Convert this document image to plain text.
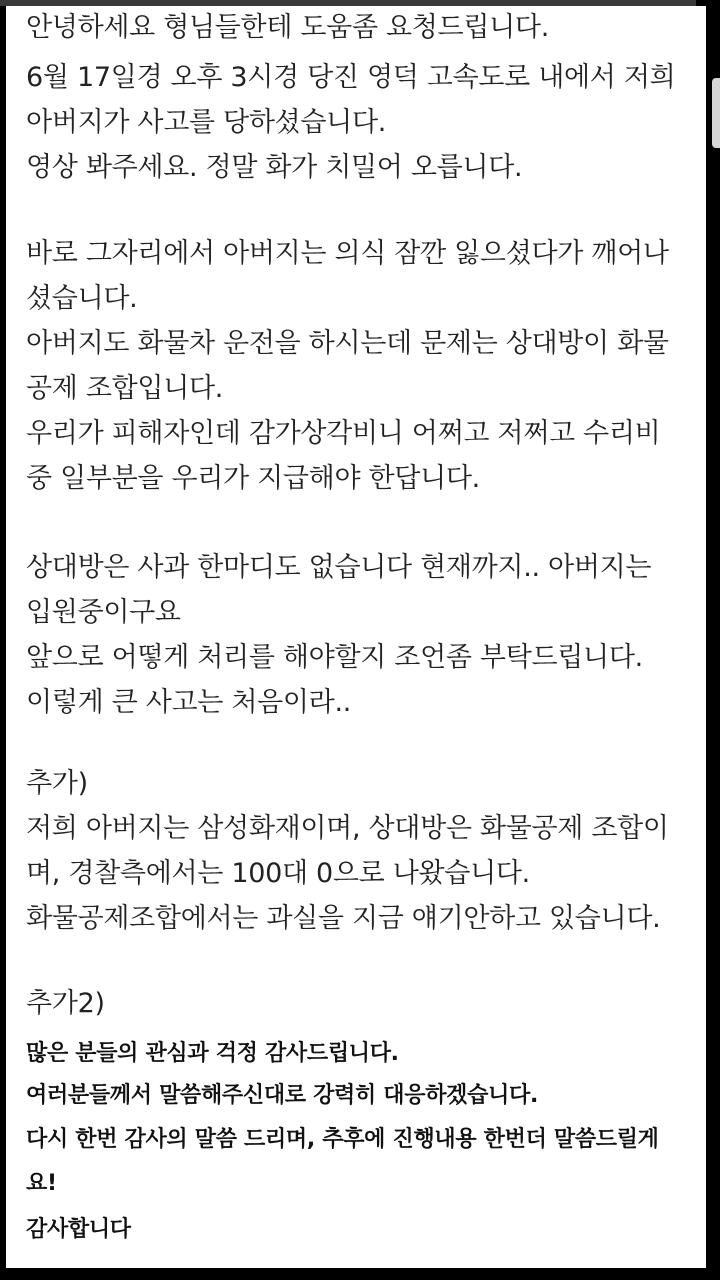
안녕하세요 형님들한테 도움좀 요청드립니다.
6월 17일경 오후 3시경 당진 영덕 고속도로 내에서 저희
아버지가 사고를 당하셨습니다.
영상 봐주세요. 정말 화가 치밀어 오릅니다.
바로 그자리에서 아버지는 의식 잠깐 잃으셨다가 깨어나
셨습니다.
아버지도 화물차 운전을 하시는데 문제는 상대방이 화물
공제 조합입니다.
우리가 피해자인데 감가상각비니 어쩌고 저쩌고 수리비
중 일부분을 우리가 지급해야 한답니다.
상대방은 사과 한마디도 없습니다 현재까지.. 아버지는
입원중이구요
앞으로 어떻게 처리를 해야할지 조언좀 부탁드립니다.
이렇게 큰 사고는 처음이라..
추가)
저희 아버지는 삼성화재이며, 상대방은 화물공제 조합이
며, 경찰측에서는 100대 0으로 나왔습니다.
화물공제조합에서는 과실을 지금 얘기안하고 있습니다.
추가2)
많은 분들의 관심과 걱정 감사드립니다.
여러분들께서 말씀해주신대로 강력히 대응하겠습니다.
다시 한번 감사의 말씀 드리며, 추후에 진행내용 한번더 말씀드릴게
요!
감사합니다
